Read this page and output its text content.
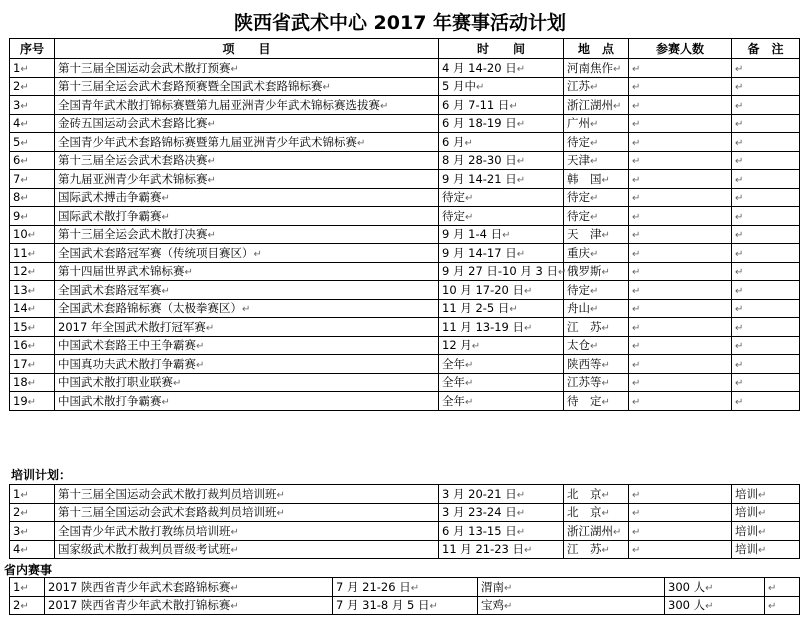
陕西省武术中心 2017 年赛事活动计划
序号	项　　目	时　　间	地　点	参赛人数	备　注
1↵	第十三届全国运动会武术散打预赛↵	4 月 14-20 日↵	河南焦作↵	↵	↵
2↵	第十三届全运会武术套路预赛暨全国武术套路锦标赛↵	5 月中↵	江苏↵	↵	↵
3↵	全国青年武术散打锦标赛暨第九届亚洲青少年武术锦标赛选拔赛↵	6 月 7-11 日↵	浙江湖州↵	↵	↵
4↵	金砖五国运动会武术套路比赛↵	6 月 18-19 日↵	广州↵	↵	↵
5↵	全国青少年武术套路锦标赛暨第九届亚洲青少年武术锦标赛↵	6 月↵	待定↵	↵	↵
6↵	第十三届全运会武术套路决赛↵	8 月 28-30 日↵	天津↵	↵	↵
7↵	第九届亚洲青少年武术锦标赛↵	9 月 14-21 日↵	韩　国↵	↵	↵
8↵	国际武术搏击争霸赛↵	待定↵	待定↵	↵	↵
9↵	国际武术散打争霸赛↵	待定↵	待定↵	↵	↵
10↵	第十三届全运会武术散打决赛↵	9 月 1-4 日↵	天　津↵	↵	↵
11↵	全国武术套路冠军赛（传统项目赛区）↵	9 月 14-17 日↵	重庆↵	↵	↵
12↵	第十四届世界武术锦标赛↵	9 月 27 日-10 月 3 日↵	俄罗斯↵	↵	↵
13↵	全国武术套路冠军赛↵	10 月 17-20 日↵	待定↵	↵	↵
14↵	全国武术套路锦标赛（太极拳赛区）↵	11 月 2-5 日↵	舟山↵	↵	↵
15↵	2017 年全国武术散打冠军赛↵	11 月 13-19 日↵	江　苏↵	↵	↵
16↵	中国武术套路王中王争霸赛↵	12 月↵	太仓↵	↵	↵
17↵	中国真功夫武术散打争霸赛↵	全年↵	陕西等↵	↵	↵
18↵	中国武术散打职业联赛↵	全年↵	江苏等↵	↵	↵
19↵	中国武术散打争霸赛↵	全年↵	待　定↵	↵	↵
培训计划：
1↵	第十三届全国运动会武术散打裁判员培训班↵	3 月 20-21 日↵	北　京↵	↵	培训↵
2↵	第十三届全国运动会武术套路裁判员培训班↵	3 月 23-24 日↵	北　京↵	↵	培训↵
3↵	全国青少年武术散打教练员培训班↵	6 月 13-15 日↵	浙江湖州↵	↵	培训↵
4↵	国家级武术散打裁判员晋级考试班↵	11 月 21-23 日↵	江　苏↵	↵	培训↵
省内赛事
1↵	2017 陕西省青少年武术套路锦标赛↵	7 月 21-26 日↵	渭南↵	300 人↵	↵
2↵	2017 陕西省青少年武术散打锦标赛↵	7 月 31-8 月 5 日↵	宝鸡↵	300 人↵	↵
